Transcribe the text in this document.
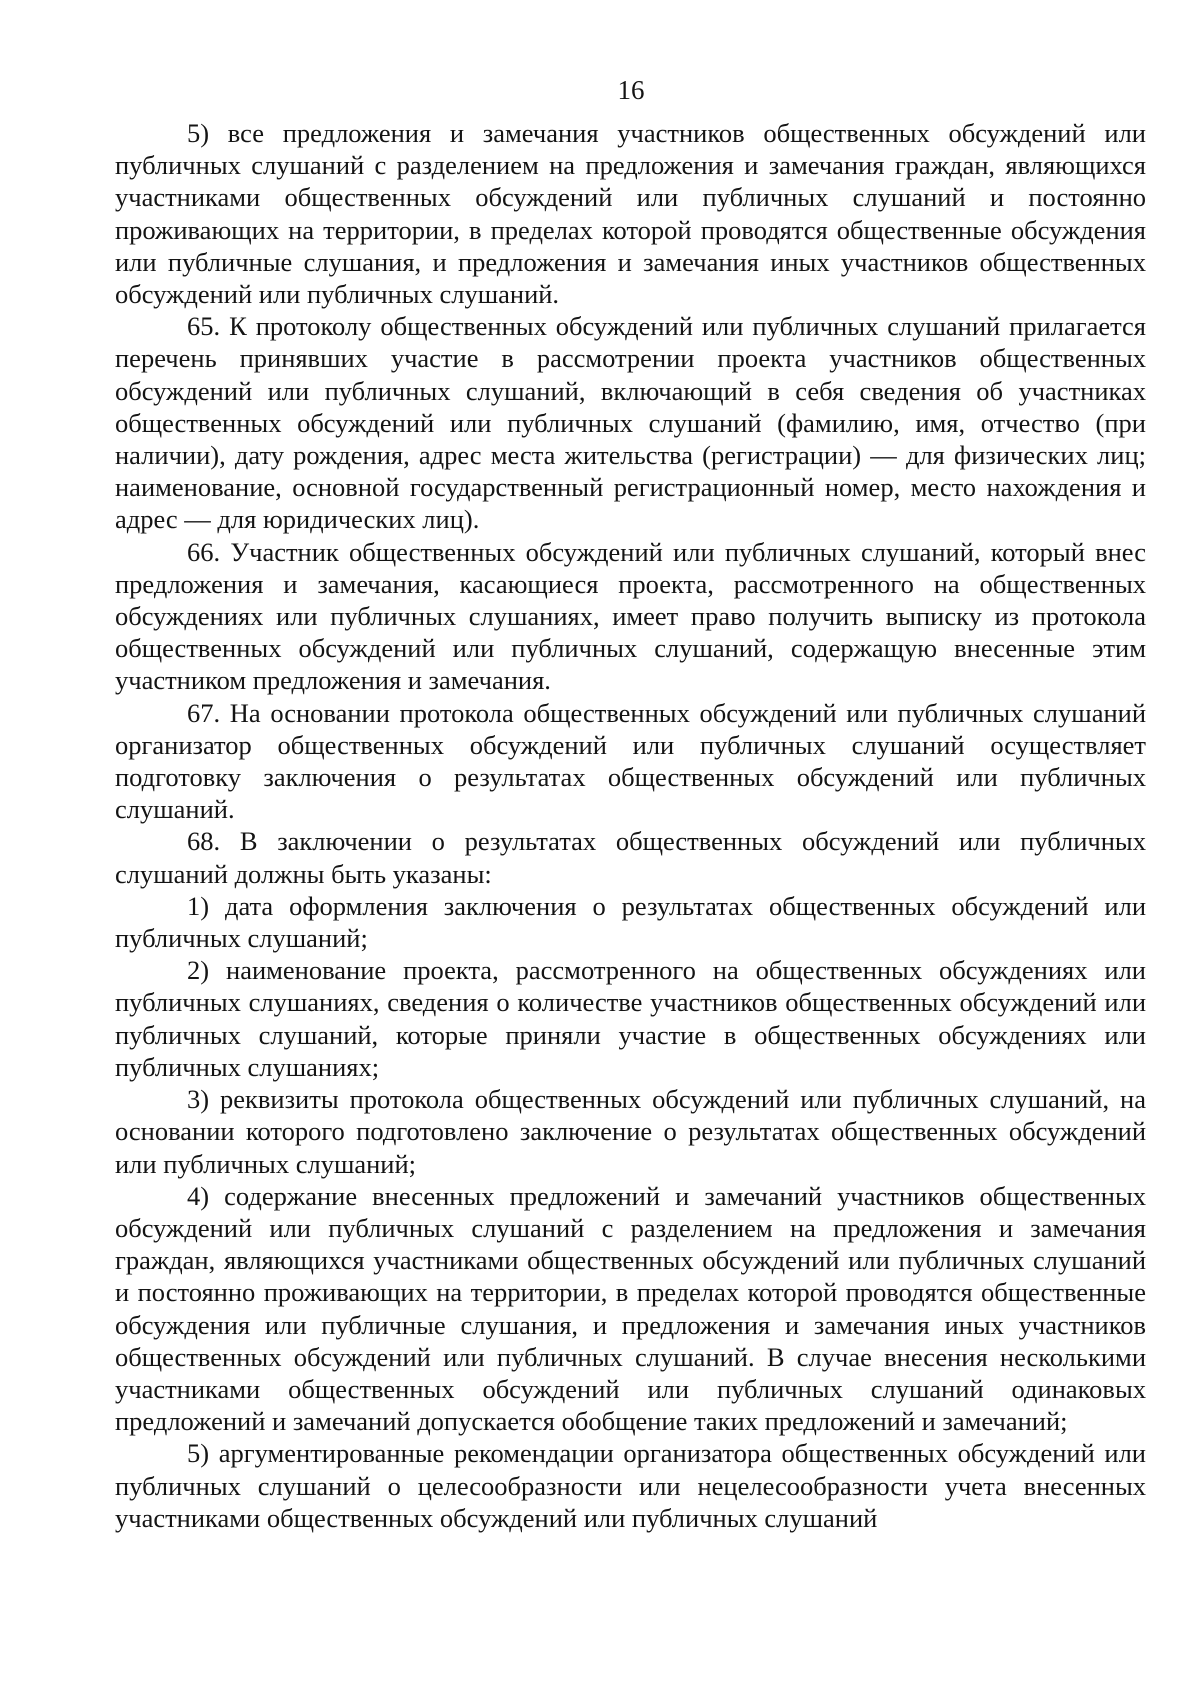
16

5) все предложения и замечания участников общественных обсуждений или публичных слушаний с разделением на предложения и замечания граждан, являющихся участниками общественных обсуждений или публичных слушаний и постоянно проживающих на территории, в пределах которой проводятся общественные обсуждения или публичные слушания, и предложения и замечания иных участников общественных обсуждений или публичных слушаний.

65. К протоколу общественных обсуждений или публичных слушаний прилагается перечень принявших участие в рассмотрении проекта участников общественных обсуждений или публичных слушаний, включающий в себя сведения об участниках общественных обсуждений или публичных слушаний (фамилию, имя, отчество (при наличии), дату рождения, адрес места жительства (регистрации) — для физических лиц; наименование, основной государственный регистрационный номер, место нахождения и адрес — для юридических лиц).

66. Участник общественных обсуждений или публичных слушаний, который внес предложения и замечания, касающиеся проекта, рассмотренного на общественных обсуждениях или публичных слушаниях, имеет право получить выписку из протокола общественных обсуждений или публичных слушаний, содержащую внесенные этим участником предложения и замечания.

67. На основании протокола общественных обсуждений или публичных слушаний организатор общественных обсуждений или публичных слушаний осуществляет подготовку заключения о результатах общественных обсуждений или публичных слушаний.

68. В заключении о результатах общественных обсуждений или публичных слушаний должны быть указаны:

1) дата оформления заключения о результатах общественных обсуждений или публичных слушаний;

2) наименование проекта, рассмотренного на общественных обсуждениях или публичных слушаниях, сведения о количестве участников общественных обсуждений или публичных слушаний, которые приняли участие в общественных обсуждениях или публичных слушаниях;

3) реквизиты протокола общественных обсуждений или публичных слушаний, на основании которого подготовлено заключение о результатах общественных обсуждений или публичных слушаний;

4) содержание внесенных предложений и замечаний участников общественных обсуждений или публичных слушаний с разделением на предложения и замечания граждан, являющихся участниками общественных обсуждений или публичных слушаний и постоянно проживающих на территории, в пределах которой проводятся общественные обсуждения или публичные слушания, и предложения и замечания иных участников общественных обсуждений или публичных слушаний. В случае внесения несколькими участниками общественных обсуждений или публичных слушаний одинаковых предложений и замечаний допускается обобщение таких предложений и замечаний;

5) аргументированные рекомендации организатора общественных обсуждений или публичных слушаний о целесообразности или нецелесообразности учета внесенных участниками общественных обсуждений или публичных слушаний
